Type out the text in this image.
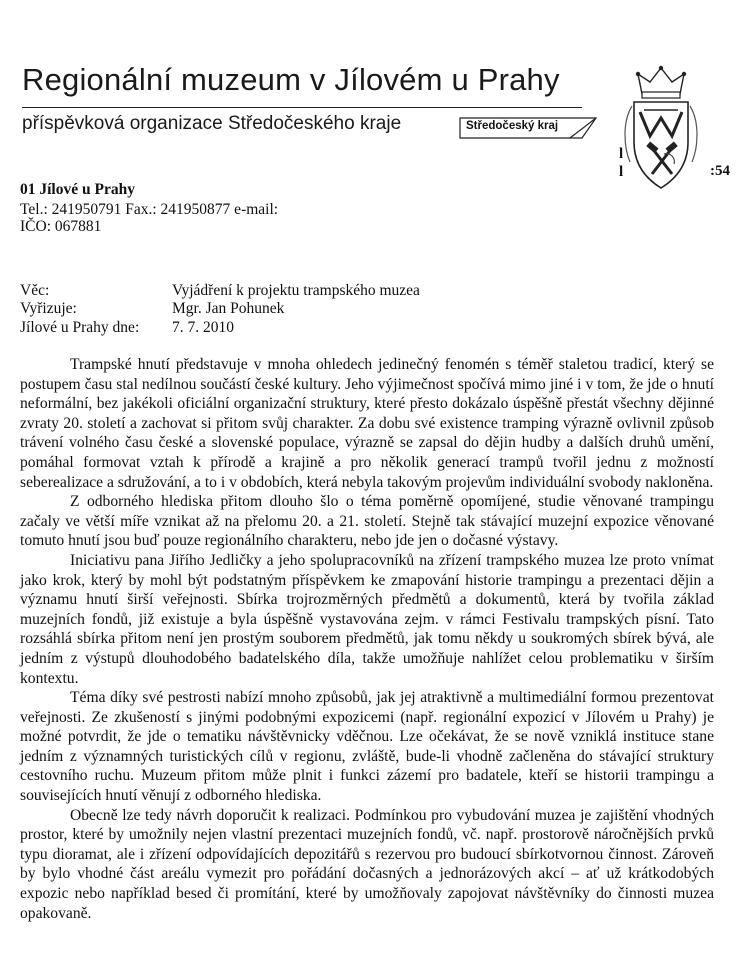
Regionální muzeum v Jílovém u Prahy
příspěvková organizace Středočeského kraje	Středočeský kraj
l
l	:54
01 Jílové u Prahy
Tel.: 241950791 Fax.: 241950877 e-mail:
IČO: 067881
Věc:	Vyjádření k projektu trampského muzea
Vyřizuje:	Mgr. Jan Pohunek
Jílové u Prahy dne: 7. 7. 2010

Trampské hnutí představuje v mnoha ohledech jedinečný fenomén s téměř staletou tradicí, který se postupem času stal nedílnou součástí české kultury. Jeho výjimečnost spočívá mimo jiné i v tom, že jde o hnutí neformální, bez jakékoli oficiální organizační struktury, které přesto dokázalo úspěšně přestát všechny dějinné zvraty 20. století a zachovat si přitom svůj charakter. Za dobu své existence tramping výrazně ovlivnil způsob trávení volného času české a slovenské populace, výrazně se zapsal do dějin hudby a dalších druhů umění, pomáhal formovat vztah k přírodě a krajině a pro několik generací trampů tvořil jednu z možností seberealizace a sdružování, a to i v obdobích, která nebyla takovým projevům individuální svobody nakloněna.

Z odborného hlediska přitom dlouho šlo o téma poměrně opomíjené, studie věnované trampingu začaly ve větší míře vznikat až na přelomu 20. a 21. století. Stejně tak stávající muzejní expozice věnované tomuto hnutí jsou buď pouze regionálního charakteru, nebo jde jen o dočasné výstavy.

Iniciativu pana Jiřího Jedličky a jeho spolupracovníků na zřízení trampského muzea lze proto vnímat jako krok, který by mohl být podstatným příspěvkem ke zmapování historie trampingu a prezentaci dějin a významu hnutí širší veřejnosti. Sbírka trojrozměrných předmětů a dokumentů, která by tvořila základ muzejních fondů, již existuje a byla úspěšně vystavována zejm. v rámci Festivalu trampských písní. Tato rozsáhlá sbírka přitom není jen prostým souborem předmětů, jak tomu někdy u soukromých sbírek bývá, ale jedním z výstupů dlouhodobého badatelského díla, takže umožňuje nahlížet celou problematiku v širším kontextu.

Téma díky své pestrosti nabízí mnoho způsobů, jak jej atraktivně a multimediální formou prezentovat veřejnosti. Ze zkušeností s jinými podobnými expozicemi (např. regionální expozicí v Jílovém u Prahy) je možné potvrdit, že jde o tematiku návštěvnicky vděčnou. Lze očekávat, že se nově vzniklá instituce stane jedním z významných turistických cílů v regionu, zvláště, bude-li vhodně začleněna do stávající struktury cestovního ruchu. Muzeum přitom může plnit i funkci zázemí pro badatele, kteří se historii trampingu a souvisejících hnutí věnují z odborného hlediska.

Obecně lze tedy návrh doporučit k realizaci. Podmínkou pro vybudování muzea je zajištění vhodných prostor, které by umožnily nejen vlastní prezentaci muzejních fondů, vč. např. prostorově náročnějších prvků typu dioramat, ale i zřízení odpovídajících depozitářů s rezervou pro budoucí sbírkotvornou činnost. Zároveň by bylo vhodné část areálu vymezit pro pořádání dočasných a jednorázových akcí – ať už krátkodobých expozic nebo například besed či promítání, které by umožňovaly zapojovat návštěvníky do činnosti muzea opakovaně.
